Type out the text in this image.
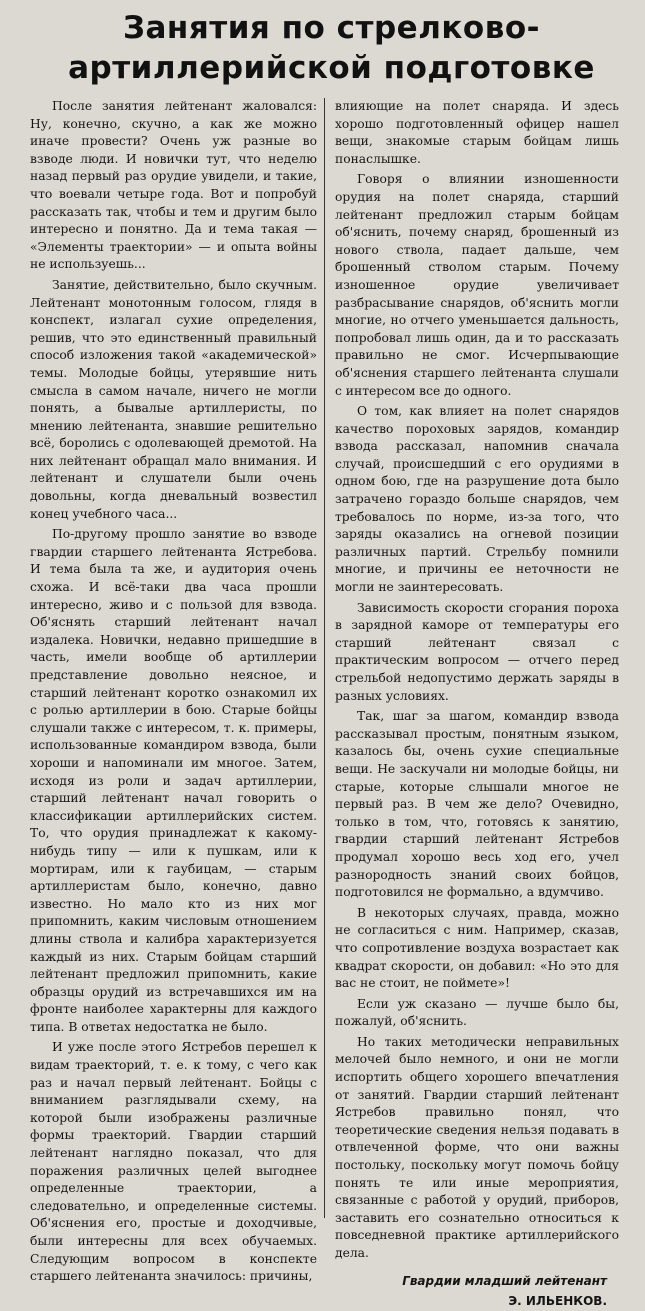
Занятия по стрелково-
артиллерийской подготовке

После занятия лейтенант жаловался: Ну, конечно, скучно, а как же можно иначе провести? Очень уж разные во взводе люди. И новички тут, что неделю назад первый раз орудие увидели, и такие, что воевали четыре года. Вот и попробуй рассказать так, чтобы и тем и другим было интересно и понятно. Да и тема такая — «Элементы траектории» — и опыта войны не используешь...

Занятие, действительно, было скучным. Лейтенант монотонным голосом, глядя в конспект, излагал сухие определения, решив, что это единственный правильный способ изложения такой «академической» темы. Молодые бойцы, утерявшие нить смысла в самом начале, ничего не могли понять, а бывалые артиллеристы, по мнению лейтенанта, знавшие решительно всё, боролись с одолевающей дремотой. На них лейтенант обращал мало внимания. И лейтенант и слушатели были очень довольны, когда дневальный возвестил конец учебного часа...

По-другому прошло занятие во взводе гвардии старшего лейтенанта Ястребова. И тема была та же, и аудитория очень схожа. И всё-таки два часа прошли интересно, живо и с пользой для взвода. Об'яснять старший лейтенант начал издалека. Новички, недавно пришедшие в часть, имели вообще об артиллерии представление довольно неясное, и старший лейтенант коротко ознакомил их с ролью артиллерии в бою. Старые бойцы слушали также с интересом, т. к. примеры, использованные командиром взвода, были хороши и напоминали им многое. Затем, исходя из роли и задач артиллерии, старший лейтенант начал говорить о классификации артиллерийских систем. То, что орудия принадлежат к какому-нибудь типу — или к пушкам, или к мортирам, или к гаубицам, — старым артиллеристам было, конечно, давно известно. Но мало кто из них мог припомнить, каким числовым отношением длины ствола и калибра характеризуется каждый из них. Старым бойцам старший лейтенант предложил припомнить, какие образцы орудий из встречавшихся им на фронте наиболее характерны для каждого типа. В ответах недостатка не было.

И уже после этого Ястребов перешел к видам траекторий, т. е. к тому, с чего как раз и начал первый лейтенант. Бойцы с вниманием разглядывали схему, на которой были изображены различные формы траекторий. Гвардии старший лейтенант наглядно показал, что для поражения различных целей выгоднее определенные траектории, а следовательно, и определенные системы. Об'яснения его, простые и доходчивые, были интересны для всех обучаемых. Следующим вопросом в конспекте старшего лейтенанта значилось: причины,

влияющие на полет снаряда. И здесь хорошо подготовленный офицер нашел вещи, знакомые старым бойцам лишь понаслышке.

Говоря о влиянии изношенности орудия на полет снаряда, старший лейтенант предложил старым бойцам об'яснить, почему снаряд, брошенный из нового ствола, падает дальше, чем брошенный стволом старым. Почему изношенное орудие увеличивает разбрасывание снарядов, об'яснить могли многие, но отчего уменьшается дальность, попробовал лишь один, да и то рассказать правильно не смог. Исчерпывающие об'яснения старшего лейтенанта слушали с интересом все до одного.

О том, как влияет на полет снарядов качество пороховых зарядов, командир взвода рассказал, напомнив сначала случай, происшедший с его орудиями в одном бою, где на разрушение дота было затрачено гораздо больше снарядов, чем требовалось по норме, из-за того, что заряды оказались на огневой позиции различных партий. Стрельбу помнили многие, и причины ее неточности не могли не заинтересовать.

Зависимость скорости сгорания пороха в зарядной каморе от температуры его старший лейтенант связал с практическим вопросом — отчего перед стрельбой недопустимо держать заряды в разных условиях.

Так, шаг за шагом, командир взвода рассказывал простым, понятным языком, казалось бы, очень сухие специальные вещи. Не заскучали ни молодые бойцы, ни старые, которые слышали многое не первый раз. В чем же дело? Очевидно, только в том, что, готовясь к занятию, гвардии старший лейтенант Ястребов продумал хорошо весь ход его, учел разнородность знаний своих бойцов, подготовился не формально, а вдумчиво.

В некоторых случаях, правда, можно не согласиться с ним. Например, сказав, что сопротивление воздуха возрастает как квадрат скорости, он добавил: «Но это для вас не стоит, не поймете»!

Если уж сказано — лучше было бы, пожалуй, об'яснить.

Но таких методически неправильных мелочей было немного, и они не могли испортить общего хорошего впечатления от занятий. Гвардии старший лейтенант Ястребов правильно понял, что теоретические сведения нельзя подавать в отвлеченной форме, что они важны постольку, поскольку могут помочь бойцу понять те или иные мероприятия, связанные с работой у орудий, приборов, заставить его сознательно относиться к повседневной практике артиллерийского дела.

Гвардии младший лейтенант
Э. ИЛЬЕНКОВ.
